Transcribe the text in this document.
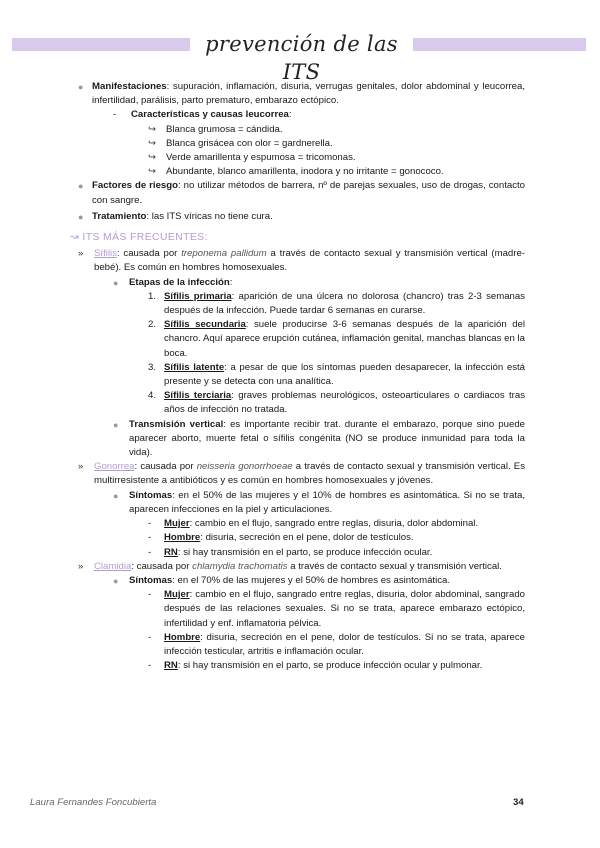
prevención de las ITS
● Manifestaciones: supuración, inflamación, disuria, verrugas genitales, dolor abdominal y leucorrea, infertilidad, parálisis, parto prematuro, embarazo ectópico.
- Características y causas leucorrea:
↪ Blanca grumosa = cándida.
↪ Blanca grisácea con olor = gardnerella.
↪ Verde amarillenta y espumosa = tricomonas.
↪ Abundante, blanco amarillenta, inodora y no irritante = gonococo.
● Factores de riesgo: no utilizar métodos de barrera, nº de parejas sexuales, uso de drogas, contacto con sangre.
● Tratamiento: las ITS víricas no tiene cura.
↝ ITS MÁS FRECUENTES:
» Sífilis: causada por treponema pallidum a través de contacto sexual y transmisión vertical (madre-bebé). Es común en hombres homosexuales.
● Etapas de la infección:
1. Sífilis primaria: aparición de una úlcera no dolorosa (chancro) tras 2-3 semanas después de la infección. Puede tardar 6 semanas en curarse.
2. Sífilis secundaria: suele producirse 3-6 semanas después de la aparición del chancro. Aquí aparece erupción cutánea, inflamación genital, manchas blancas en la boca.
3. Sífilis latente: a pesar de que los síntomas pueden desaparecer, la infección está presente y se detecta con una analítica.
4. Sífilis terciaria: graves problemas neurológicos, osteoarticulares o cardiacos tras años de infección no tratada.
● Transmisión vertical: es importante recibir trat. durante el embarazo, porque sino puede aparecer aborto, muerte fetal o sífilis congénita (NO se produce inmunidad para toda la vida).
» Gonorrea: causada por neisseria gonorrhoeae a través de contacto sexual y transmisión vertical. Es multirresistente a antibióticos y es común en hombres homosexuales y jóvenes.
● Síntomas: en el 50% de las mujeres y el 10% de hombres es asintomática. Si no se trata, aparecen infecciones en la piel y articulaciones.
- Mujer: cambio en el flujo, sangrado entre reglas, disuria, dolor abdominal.
- Hombre: disuria, secreción en el pene, dolor de testículos.
- RN: si hay transmisión en el parto, se produce infección ocular.
» Clamidia: causada por chlamydia trachomatis a través de contacto sexual y transmisión vertical.
● Síntomas: en el 70% de las mujeres y el 50% de hombres es asintomática.
- Mujer: cambio en el flujo, sangrado entre reglas, disuria, dolor abdominal, sangrado después de las relaciones sexuales. Si no se trata, aparece embarazo ectópico, infertilidad y enf. inflamatoria pélvica.
- Hombre: disuria, secreción en el pene, dolor de testículos. Si no se trata, aparece infección testicular, artritis e inflamación ocular.
- RN: si hay transmisión en el parto, se produce infección ocular y pulmonar.
Laura Fernandes Foncubierta	34
